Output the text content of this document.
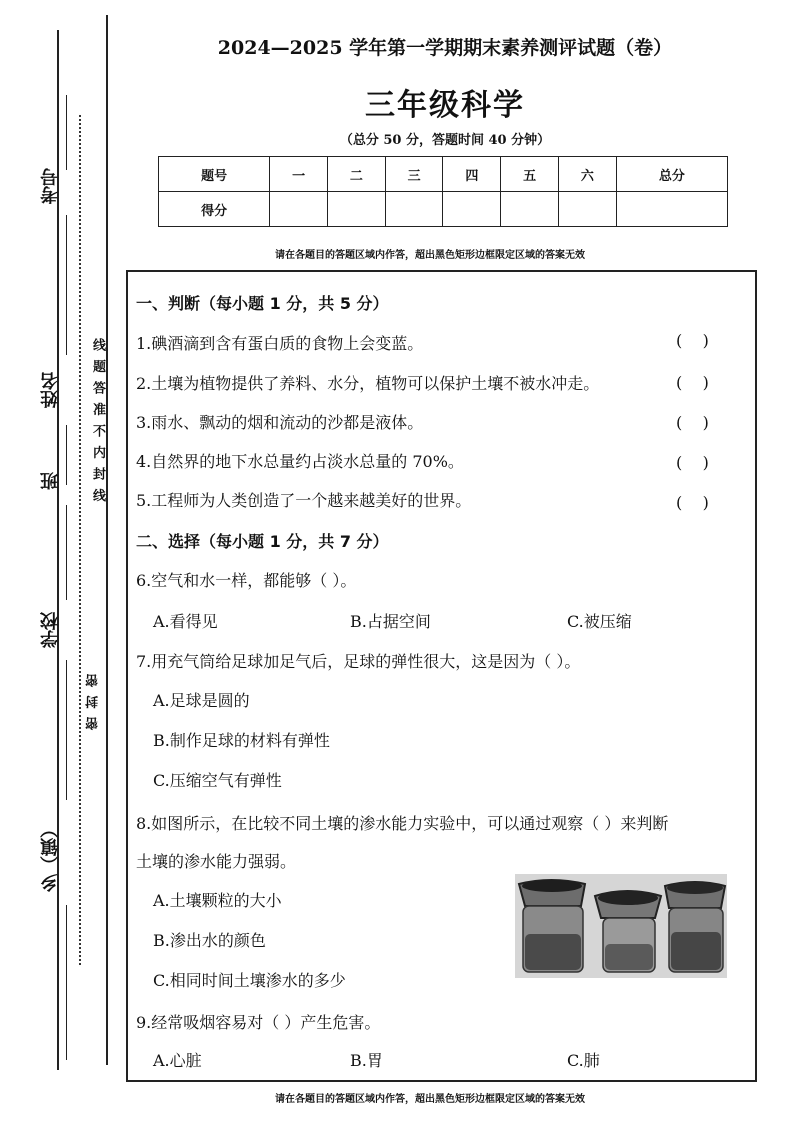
考号
姓名
班
学校
乡（镇）
线 题 答 准 不 内 封 线
密 封 密
2024—2025 学年第一学期期末素养测评试题（卷）
三年级科学
（总分 50 分，答题时间 40 分钟）
题号	一	二	三	四	五	六	总分
得分							
请在各题目的答题区域内作答，超出黑色矩形边框限定区域的答案无效
一、判断（每小题 1 分，共 5 分）
1.碘酒滴到含有蛋白质的食物上会变蓝。	(    )
2.土壤为植物提供了养料、水分，植物可以保护土壤不被水冲走。	(    )
3.雨水、飘动的烟和流动的沙都是液体。	(    )
4.自然界的地下水总量约占淡水总量的 70%。	(    )
5.工程师为人类创造了一个越来越美好的世界。	(    )
二、选择（每小题 1 分，共 7 分）
6.空气和水一样，都能够（ ）。
A.看得见	B.占据空间	C.被压缩
7.用充气筒给足球加足气后，足球的弹性很大，这是因为（ ）。
A.足球是圆的
B.制作足球的材料有弹性
C.压缩空气有弹性
8.如图所示，在比较不同土壤的渗水能力实验中，可以通过观察（ ）来判断
土壤的渗水能力强弱。
A.土壤颗粒的大小
B.渗出水的颜色
C.相同时间土壤渗水的多少
9.经常吸烟容易对（ ）产生危害。
A.心脏	B.胃	C.肺
请在各题目的答题区域内作答，超出黑色矩形边框限定区域的答案无效
